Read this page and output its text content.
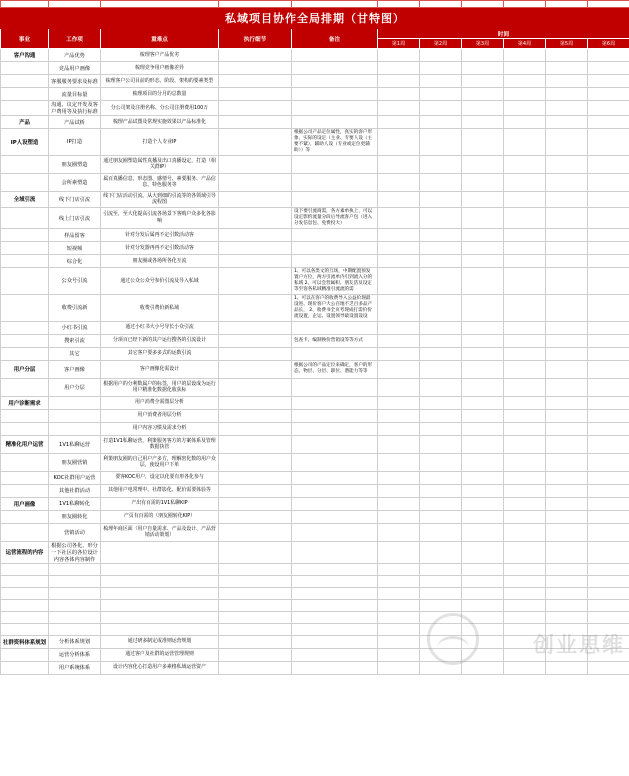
私域项目协作全局排期（甘特图）										
事业	工作项	重难点	执行细节	备注	时间					
					第1周	第2周	第3周	第4周	第5周	第6周
客户沟通	产品优势	梳理客户产品优劣								
	竞品用户画像	梳理竞争用户画像差异								
	客服服务要求及标准	梳理客户公司目前的形态、阶段、架构的要素类型								
	流量目标量	梳理项目的分月的总数量								
	沟通、议定开发及客户费用等及执行标准	分公司架及注册名称、分公司注册费用100万								
产品	产品试析	梳理产品试图及常规实施效果以产品标准化								
IP人设塑造	IP打造	打造个人专业IP		根据公司产品定位属性，真实的客户形象，实际的设定（主业、专要人设（主要不紧），辅助人设（专业或定位更辅助））等						
	朋友圈塑造	通过朋友圈塑造属性真播及出口真播设定，打造（相关群IP）								
	会所素塑造	属百真播信息，形态图、感情号、素要服务、产品信息、特色服务等								
全域引流	线下门店引流	线下门店活动引流，从大到细的引流等的各领域引导流程图								
	线上门店引流	引流至，至大化提高引流各场景下客购户众多化各影响		设下要引流商需，各方素单执上，可以设定影约流量分段后导流客户包（进入分发信息包、免费投大）						
	样品留客	针对分发后属再不定引数活动客								
	短视频	针对分发器再再不定引数活动客								
	综合化	朋友圈或各场所各化互流								
	公众号引流	通过公众公众号参价引流及导入私域		1、可以各类文的互场，中期配置预发置户方位，两方引流单内引到流入分的私域 2、可以会营属积、朋友活及设定等至客各私域精准引流流的需						
	收费引流新	收费引费价新私域		1、可以在客户的收费导入公益价现最设进、现价客户大公百地不乏百多品产品长， 2、收费书全页考现成打需价价流设置，企运、设置领导最设置设设						
	小红书引流	通过小红书大小号导长小众引流								
	搜索引流	分项百已经下新的其户运行搜各的引流设计		包查卡、编制换价营销设等等方式						
	其它	其它客户要多多式的运数引流								
用户分层	客户画像	客户画像化需设计		根据公司的产品定位来确定，客户的形态、物层、分层、职位、潜能力等等						
	用户分层	根据用户的分利数属户的标签，用户的层设成为运行用户精准化数据化收获标								
用户诊断需求		用户消费全需图层分析								
		用户消费者用层分析								
		用户内容习惯及需求分析								
精准化用户运营	1V1私聊运营	打造1V1私聊运营，利策服务客方的方案体系及管理数据执管								
	朋友圈营销	利策朋友圈的自己用户产多方，理解密化数的用户众层，使设用户下单								
	KOC社群用户运营	要客KOC用户，设定以化要有形各化参与								
	其他社群活动	其他用户电常理中、社群影化、配价需要体验等								
用户画像	1V1私聊转化	产出有百需的1V1私聊KIP								
	朋友圈转化	产页有百需的（朋友圈转化KIP）								
	营销活动	梳理年商区面（用户自量需求、产品及设计、产品营销活动策划）								
运营流程的内容	根据公司各化，形分一下社区的各位设计内容各体内容制作									

社群资料体系规划	分析体系规划	通过研多制定或准则运营规划								
	运营分析体系	通过客户及社群的运营管理规则								
	用户系统体系	设计内容化心打造用户多素格私域运营资产								
创业思维
